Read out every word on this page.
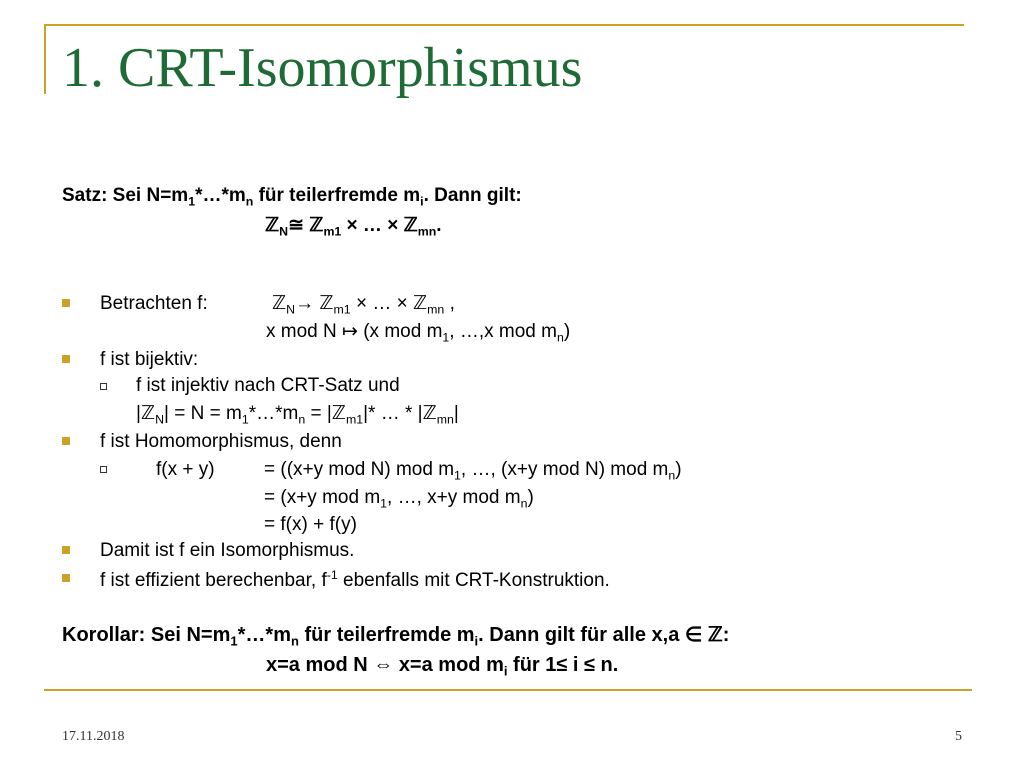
1. CRT-Isomorphismus
Satz: Sei $N=m_1*\dots*m_n$ für teilerfremde $m_i$. Dann gilt:
ℤ$_N$≅ ℤ$_{m1}$ × … × ℤ$_{mn}$.
Betrachten f:	ℤ$_N$→ ℤ$_{m1}$ × … × ℤ$_{mn}$ ,
x mod N ↦ (x mod $m_1$, …,x mod $m_n$)
f ist bijektiv:
f ist injektiv nach CRT-Satz und
|ℤ$_N$| = $N = m_1*\dots*m_n$ = |ℤ$_{m1}$|* … * |ℤ$_{mn}$|
f ist Homomorphismus, denn
f(x + y)	= ((x+y mod N) mod $m_1$, …, (x+y mod N) mod $m_n$)
= (x+y mod $m_1$, …, x+y mod $m_n$)
= f(x) + f(y)
Damit ist f ein Isomorphismus.
f ist effizient berechenbar, $f^{-1}$ ebenfalls mit CRT-Konstruktion.
Korollar: Sei $N=m_1*\dots*m_n$ für teilerfremde $m_i$. Dann gilt für alle x,a ∈ ℤ:
x=a mod N ⇔ x=a mod $m_i$ für 1≤ i ≤ n.
17.11.2018	5
